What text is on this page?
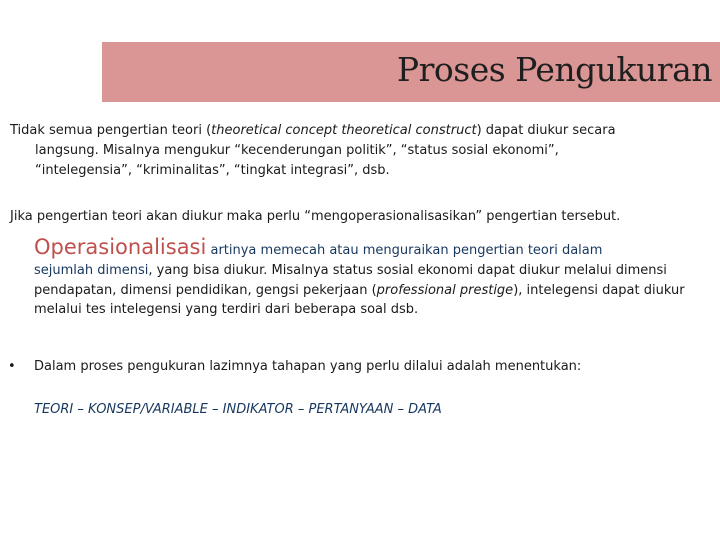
Proses Pengukuran

Tidak semua pengertian teori (theoretical concept theoretical construct) dapat diukur secara
langsung. Misalnya mengukur “kecenderungan politik”, “status sosial ekonomi”,
“intelegensia”, “kriminalitas”, “tingkat integrasi”, dsb.

Jika pengertian teori akan diukur maka perlu “mengoperasionalisasikan” pengertian tersebut.

Operasionalisasi artinya memecah atau menguraikan pengertian teori dalam

sejumlah dimensi, yang bisa diukur. Misalnya status sosial ekonomi dapat diukur melalui dimensi pendapatan, dimensi pendidikan, gengsi pekerjaan (professional prestige), intelegensi dapat diukur melalui tes intelegensi yang terdiri dari beberapa soal dsb.

• Dalam proses pengukuran lazimnya tahapan yang perlu dilalui adalah menentukan:
TEORI – KONSEP/VARIABLE – INDIKATOR – PERTANYAAN – DATA
